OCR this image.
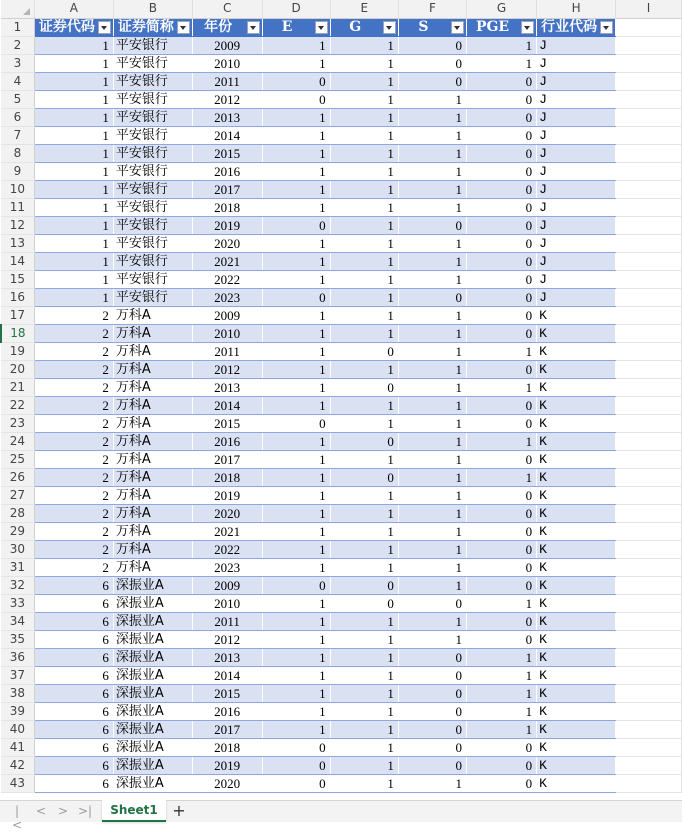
	A	B	C	D	E	F	G	H	I
1	证券代码	证券简称	年份	E	G	S	PGE	行业代码

2	1	平安银行	2009	1	1	0	1	J	
3	1	平安银行	2010	1	1	0	1	J	
4	1	平安银行	2011	0	1	0	0	J	
5	1	平安银行	2012	0	1	1	0	J	
6	1	平安银行	2013	1	1	1	0	J	
7	1	平安银行	2014	1	1	1	0	J	
8	1	平安银行	2015	1	1	1	0	J	
9	1	平安银行	2016	1	1	1	0	J	
10	1	平安银行	2017	1	1	1	0	J	
11	1	平安银行	2018	1	1	1	0	J	
12	1	平安银行	2019	0	1	0	0	J	
13	1	平安银行	2020	1	1	1	0	J	
14	1	平安银行	2021	1	1	1	0	J	
15	1	平安银行	2022	1	1	1	0	J	
16	1	平安银行	2023	0	1	0	0	J	
17	2	万科A	2009	1	1	1	0	K	
18	2	万科A	2010	1	1	1	0	K	
19	2	万科A	2011	1	0	1	1	K	
20	2	万科A	2012	1	1	1	0	K	
21	2	万科A	2013	1	0	1	1	K	
22	2	万科A	2014	1	1	1	0	K	
23	2	万科A	2015	0	1	1	0	K	
24	2	万科A	2016	1	0	1	1	K	
25	2	万科A	2017	1	1	1	0	K	
26	2	万科A	2018	1	0	1	1	K	
27	2	万科A	2019	1	1	1	0	K	
28	2	万科A	2020	1	1	1	0	K	
29	2	万科A	2021	1	1	1	0	K	
30	2	万科A	2022	1	1	1	0	K	
31	2	万科A	2023	1	1	1	0	K	
32	6	深振业A	2009	0	0	1	0	K	
33	6	深振业A	2010	1	0	0	1	K	
34	6	深振业A	2011	1	1	1	0	K	
35	6	深振业A	2012	1	1	1	0	K	
36	6	深振业A	2013	1	1	0	1	K	
37	6	深振业A	2014	1	1	0	1	K	
38	6	深振业A	2015	1	1	0	1	K	
39	6	深振业A	2016	1	1	0	1	K	
40	6	深振业A	2017	1	1	0	1	K	
41	6	深振业A	2018	0	1	0	0	K	
42	6	深振业A	2019	0	1	0	0	K	
43	6	深振业A	2020	0	1	1	0	K	
|<
< > >|	Sheet1 +
